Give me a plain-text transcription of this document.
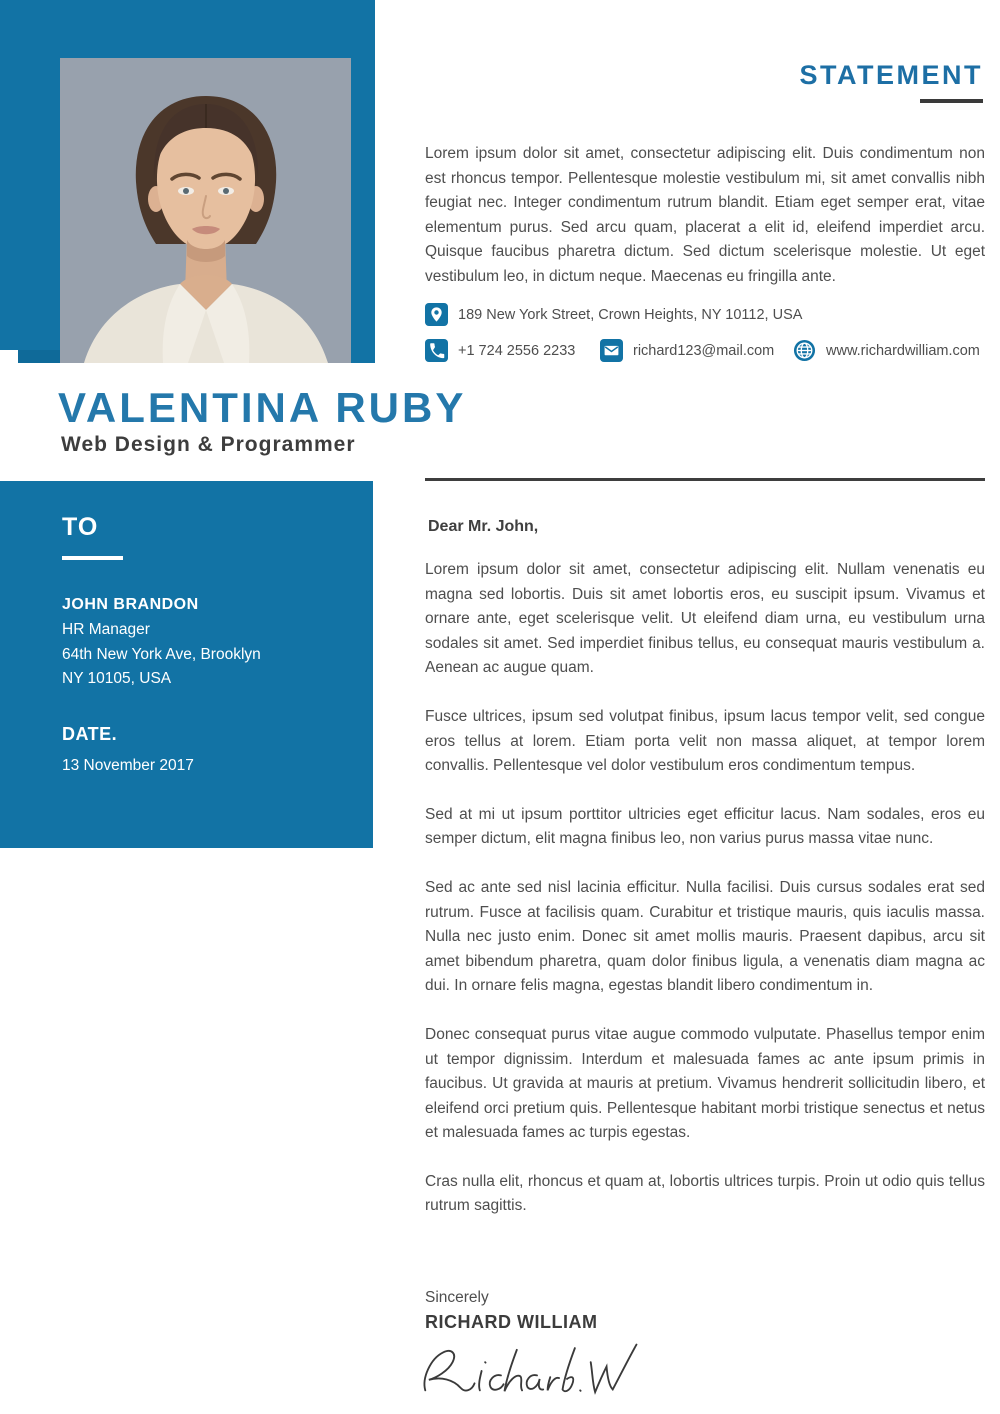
STATEMENT
Lorem ipsum dolor sit amet, consectetur adipiscing elit. Duis condimentum non est rhoncus tempor. Pellentesque molestie vestibulum mi, sit amet convallis nibh feugiat nec. Integer condimentum rutrum blandit. Etiam eget semper erat, vitae elementum purus. Sed arcu quam, placerat a elit id, eleifend imperdiet arcu. Quisque faucibus pharetra dictum. Sed dictum scelerisque molestie. Ut eget vestibulum leo, in dictum neque. Maecenas eu fringilla ante.
189 New York Street, Crown Heights, NY 10112, USA
+1 724 2556 2233	richard123@mail.com	www.richardwilliam.com
VALENTINA RUBY
Web Design & Programmer
TO
JOHN BRANDON
HR Manager
64th New York Ave, Brooklyn
NY 10105, USA
DATE.
13 November 2017
Dear Mr. John,

Lorem ipsum dolor sit amet, consectetur adipiscing elit. Nullam venenatis eu magna sed lobortis. Duis sit amet lobortis eros, eu suscipit ipsum. Vivamus et ornare ante, eget scelerisque velit. Ut eleifend diam urna, eu vestibulum urna sodales sit amet. Sed imperdiet finibus tellus, eu consequat mauris vestibulum a. Aenean ac augue quam.

Fusce ultrices, ipsum sed volutpat finibus, ipsum lacus tempor velit, sed congue eros tellus at lorem. Etiam porta velit non massa aliquet, at tempor lorem convallis. Pellentesque vel dolor vestibulum eros condimentum tempus.

Sed at mi ut ipsum porttitor ultricies eget efficitur lacus. Nam sodales, eros eu semper dictum, elit magna finibus leo, non varius purus massa vitae nunc.

Sed ac ante sed nisl lacinia efficitur. Nulla facilisi. Duis cursus sodales erat sed rutrum. Fusce at facilisis quam. Curabitur et tristique mauris, quis iaculis massa. Nulla nec justo enim. Donec sit amet mollis mauris. Praesent dapibus, arcu sit amet bibendum pharetra, quam dolor finibus ligula, a venenatis diam magna ac dui. In ornare felis magna, egestas blandit libero condimentum in.

Donec consequat purus vitae augue commodo vulputate. Phasellus tempor enim ut tempor dignissim. Interdum et malesuada fames ac ante ipsum primis in faucibus. Ut gravida at mauris at pretium. Vivamus hendrerit sollicitudin libero, et eleifend orci pretium quis. Pellentesque habitant morbi tristique senectus et netus et malesuada fames ac turpis egestas.

Cras nulla elit, rhoncus et quam at, lobortis ultrices turpis. Proin ut odio quis tellus rutrum sagittis.

Sincerely
RICHARD WILLIAM
